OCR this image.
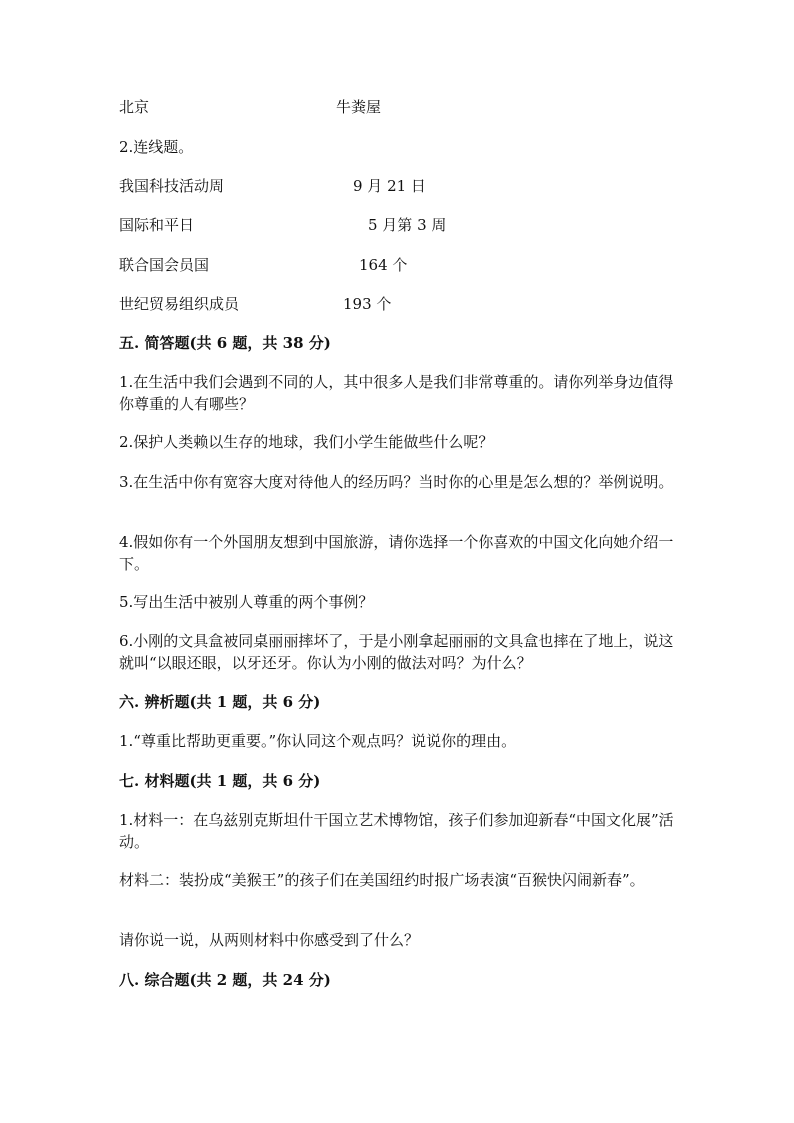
北京	牛粪屋
2.连线题。
我国科技活动周	9 月 21 日
国际和平日	5 月第 3 周
联合国会员国	164 个
世纪贸易组织成员	193 个
五. 简答题(共 6 题，共 38 分)
1.在生活中我们会遇到不同的人，其中很多人是我们非常尊重的。请你列举身边值得你尊重的人有哪些？
2.保护人类赖以生存的地球，我们小学生能做些什么呢？
3.在生活中你有宽容大度对待他人的经历吗？当时你的心里是怎么想的？举例说明。
4.假如你有一个外国朋友想到中国旅游，请你选择一个你喜欢的中国文化向她介绍一下。
5.写出生活中被别人尊重的两个事例？
6.小刚的文具盒被同桌丽丽摔坏了，于是小刚拿起丽丽的文具盒也摔在了地上，说这就叫“以眼还眼，以牙还牙。你认为小刚的做法对吗？为什么？
六. 辨析题(共 1 题，共 6 分)
1.“尊重比帮助更重要。”你认同这个观点吗？说说你的理由。
七. 材料题(共 1 题，共 6 分)
1.材料一：在乌兹别克斯坦什干国立艺术博物馆，孩子们参加迎新春“中国文化展”活动。
材料二：装扮成“美猴王”的孩子们在美国纽约时报广场表演“百猴快闪闹新春”。
请你说一说，从两则材料中你感受到了什么？
八. 综合题(共 2 题，共 24 分)
